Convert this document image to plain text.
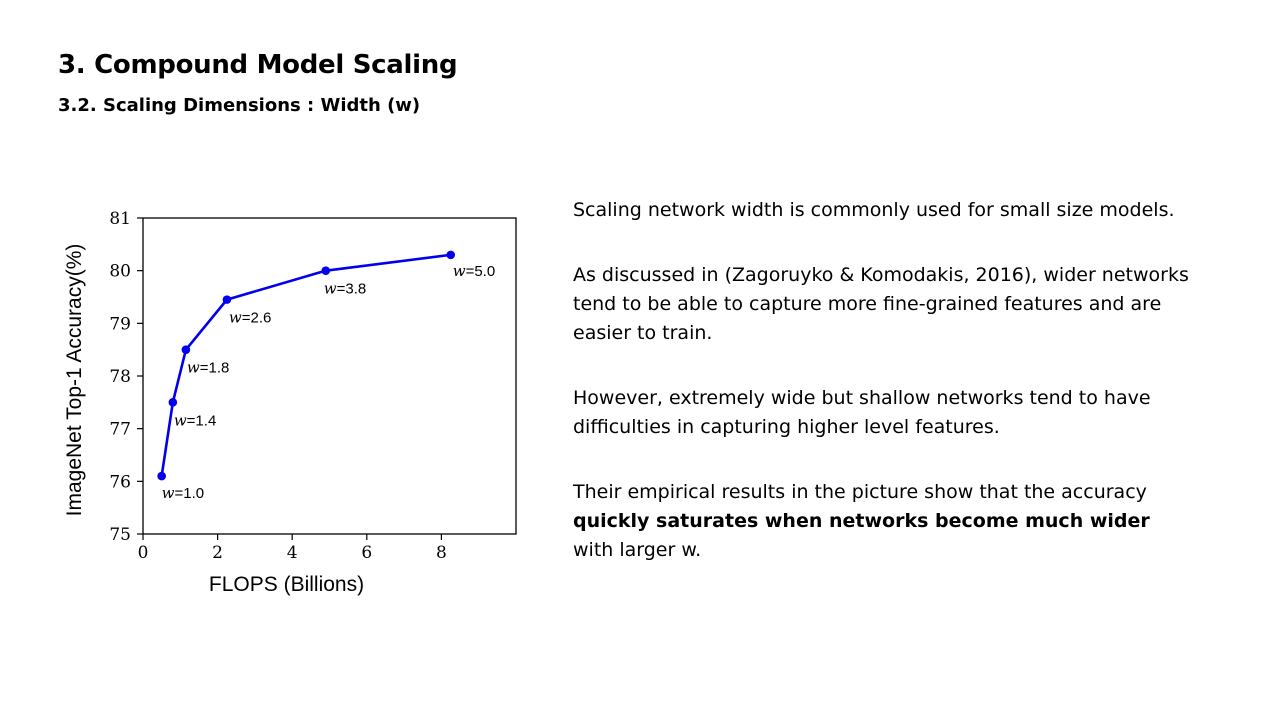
3. Compound Model Scaling
3.2. Scaling Dimensions : Width (w)
0	2	4	6	8
75
76
77
78
79
80
81
FLOPS (Billions)
ImageNet Top-1 Accuracy(%)	w=1.0
w=1.4
w=1.8
w=2.6
w=3.8
w=5.0

Scaling network width is commonly used for small size models.

As discussed in (Zagoruyko & Komodakis, 2016), wider networks tend to be able to capture more fine-grained features and are easier to train.

However, extremely wide but shallow networks tend to have difficulties in capturing higher level features.

Their empirical results in the picture show that the accuracy quickly saturates when networks become much wider with larger w.
